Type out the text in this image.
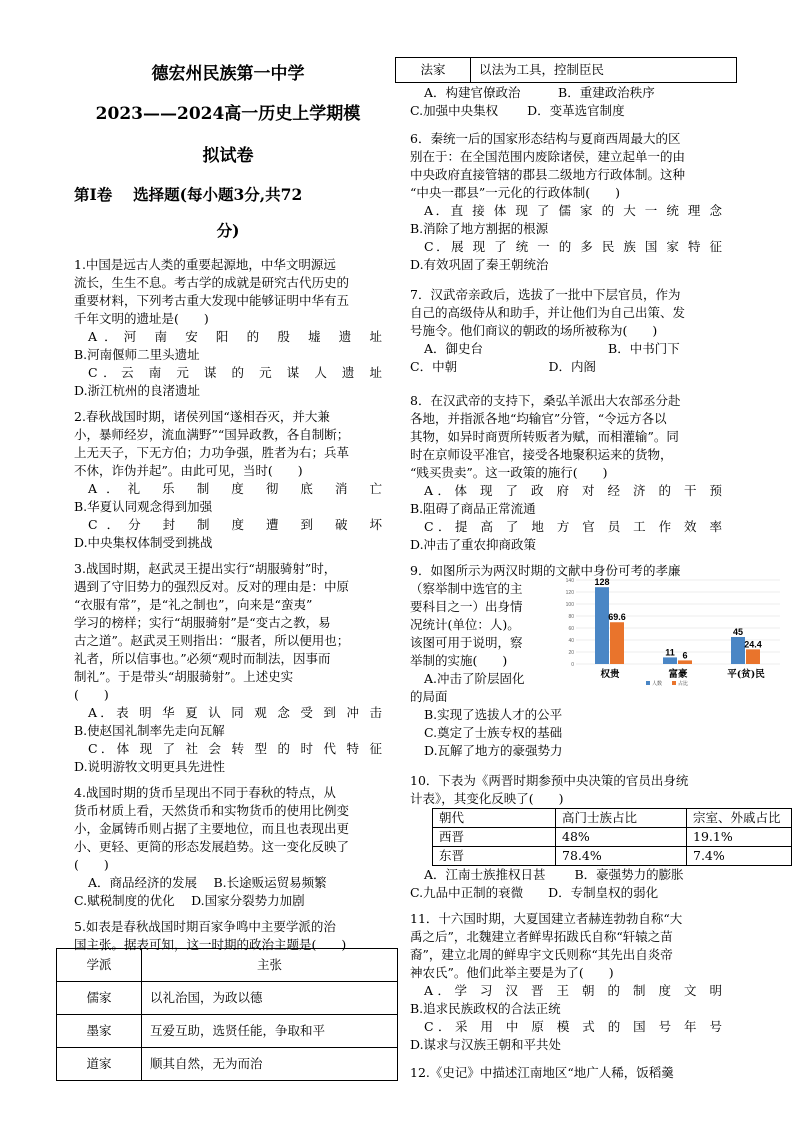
德宏州民族第一中学
2023——2024高一历史上学期模
拟试卷
第Ⅰ卷　 选择题(每小题3分,共72
分)
1.中国是远古人类的重要起源地，中华文明源远
流长，生生不息。考古学的成就是研究古代历史的
重要材料，下列考古重大发现中能够证明中华有五
千年文明的遗址是(　　)
A．河 南 安 阳 的 殷 墟 遗 址
B.河南偃师二里头遗址
C．云 南 元 谋 的 元 谋 人 遗 址
D.浙江杭州的良渚遗址
2.春秋战国时期，诸侯列国“遂相吞灭，并大兼
小，暴师经岁，流血满野”“国异政教，各自制断；
上无天子，下无方伯；力功争强，胜者为右；兵革
不休，诈伪并起”。由此可见，当时(　　)
A．礼 乐 制 度 彻 底 消 亡
B.华夏认同观念得到加强
C．分 封 制 度 遭 到 破 坏
D.中央集权体制受到挑战
3.战国时期，赵武灵王提出实行“胡服骑射”时，
遇到了守旧势力的强烈反对。反对的理由是：中原
“衣服有常”，是“礼之制也”，向来是“蛮夷”
学习的榜样；实行“胡服骑射”是“变古之教，易
古之道”。赵武灵王则指出：“服者，所以便用也；
礼者，所以信事也。”必须“观时而制法，因事而
制礼”。于是带头“胡服骑射”。上述史实
(　　)
A．表 明 华 夏 认 同 观 念 受 到 冲 击
B.使赵国礼制率先走向瓦解
C．体 现 了 社 会 转 型 的 时 代 特 征
D.说明游牧文明更具先进性
4.战国时期的货币呈现出不同于春秋的特点，从
货币材质上看，天然货币和实物货币的使用比例变
小，金属铸币则占据了主要地位，而且也表现出更
小、更轻、更简的形态发展趋势。这一变化反映了
(　　)
A．商品经济的发展　 B.长途贩运贸易频繁
C.赋税制度的优化　 D.国家分裂势力加剧
5.如表是春秋战国时期百家争鸣中主要学派的治
国主张。据表可知，这一时期的政治主题是(　　)
学派	主张
儒家	以礼治国，为政以德
墨家	互爱互助，选贤任能，争取和平
道家	顺其自然，无为而治
法家	以法为工具，控制臣民
A．构建官僚政治　　　B．重建政治秩序
C.加强中央集权　　 D．变革选官制度
6．秦统一后的国家形态结构与夏商西周最大的区
别在于：在全国范围内废除诸侯，建立起单一的由
中央政府直接管辖的郡县二级地方行政体制。这种
“中央一郡县”一元化的行政体制(　　)
A．直 接 体 现 了 儒 家 的 大 一 统 理 念
B.消除了地方割据的根源
C．展 现 了 统 一 的 多 民 族 国 家 特 征
D.有效巩固了秦王朝统治
7．汉武帝亲政后，选拔了一批中下层官员，作为
自己的高级侍从和助手，并让他们为自己出策、发
号施令。他们商议的朝政的场所被称为(　　)
A．御史台　　　　　　　　　　B．中书门下
C．中朝　　　　　　　 D．内阁
8．在汉武帝的支持下，桑弘羊派出大农部丞分赴
各地，并指派各地“均输官”分管，“令远方各以
其物，如异时商贾所转贩者为赋，而相灌输”。同
时在京师设平准官，接受各地聚积运来的货物，
“贱买贵卖”。这一政策的施行(　　)
A．体 现 了 政 府 对 经 济 的 干 预
B.阻碍了商品正常流通
C．提 高 了 地 方 官 员 工 作 效 率
D.冲击了重农抑商政策
9．如图所示为两汉时期的文献中身份可考的孝廉
（察举制中选官的主
要科目之一）出身情
况统计(单位：人)。
该图可用于说明，察
举制的实施(　　)
A.冲击了阶层固化
的局面
B.实现了选拔人才的公平
C.奠定了士族专权的基础
D.瓦解了地方的豪强势力
10．下表为《两晋时期参预中央决策的官员出身统
计表》，其变化反映了(　　)
朝代	高门士族占比	宗室、外戚占比
西晋	48%	19.1%
东晋	78.4%	7.4%
A．江南士族推权日甚　　 B．豪强势力的膨胀
C.九品中正制的衰微　　D．专制皇权的弱化
11．十六国时期，大夏国建立者赫连勃勃自称“大
禹之后”，北魏建立者鲜卑拓跋氏自称“轩辕之苗
裔”，建立北周的鲜卑宇文氏则称“其先出自炎帝
神农氏”。他们此举主要是为了(　　)
A．学 习 汉 晋 王 朝 的 制 度 文 明
B.追求民族政权的合法正统
C．采 用 中 原 模 式 的 国 号 年 号
D.谋求与汉族王朝和平共处
12.《史记》中描述江南地区“地广人稀，饭稻羹
140
120
100
80
60
40
20
0
128
69.6
权贵
11 6
富豪
45
24.4
平(贫)民
人数	占比
